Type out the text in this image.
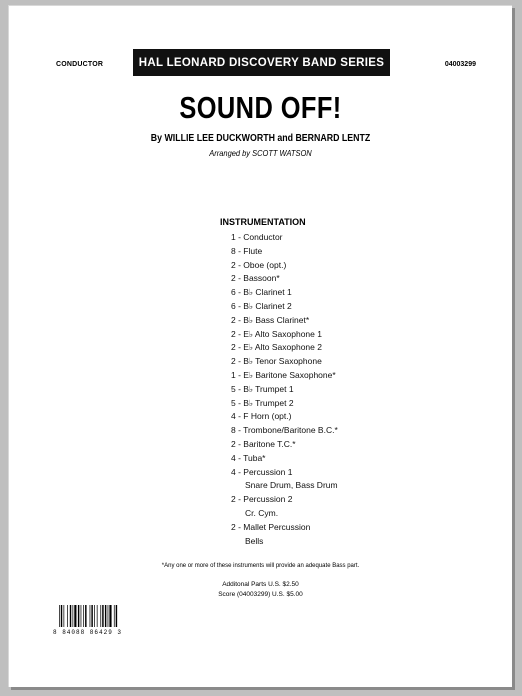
CONDUCTOR	HAL LEONARD DISCOVERY BAND SERIES	04003299
SOUND OFF!
By WILLIE LEE DUCKWORTH and BERNARD LENTZ
Arranged by SCOTT WATSON
INSTRUMENTATION
1 - Conductor
8 - Flute
2 - Oboe (opt.)
2 - Bassoon*
6 - B♭ Clarinet 1
6 - B♭ Clarinet 2
2 - B♭ Bass Clarinet*
2 - E♭ Alto Saxophone 1
2 - E♭ Alto Saxophone 2
2 - B♭ Tenor Saxophone
1 - E♭ Baritone Saxophone*
5 - B♭ Trumpet 1
5 - B♭ Trumpet 2
4 - F Horn (opt.)
8 - Trombone/Baritone B.C.*
2 - Baritone T.C.*
4 - Tuba*
4 - Percussion 1
Snare Drum, Bass Drum
2 - Percussion 2
Cr. Cym.
2 - Mallet Percussion
Bells
*Any one or more of these instruments will provide an adequate Bass part.
Additonal Parts U.S. $2.50
Score (04003299) U.S. $5.00
8 84088 86429 3
